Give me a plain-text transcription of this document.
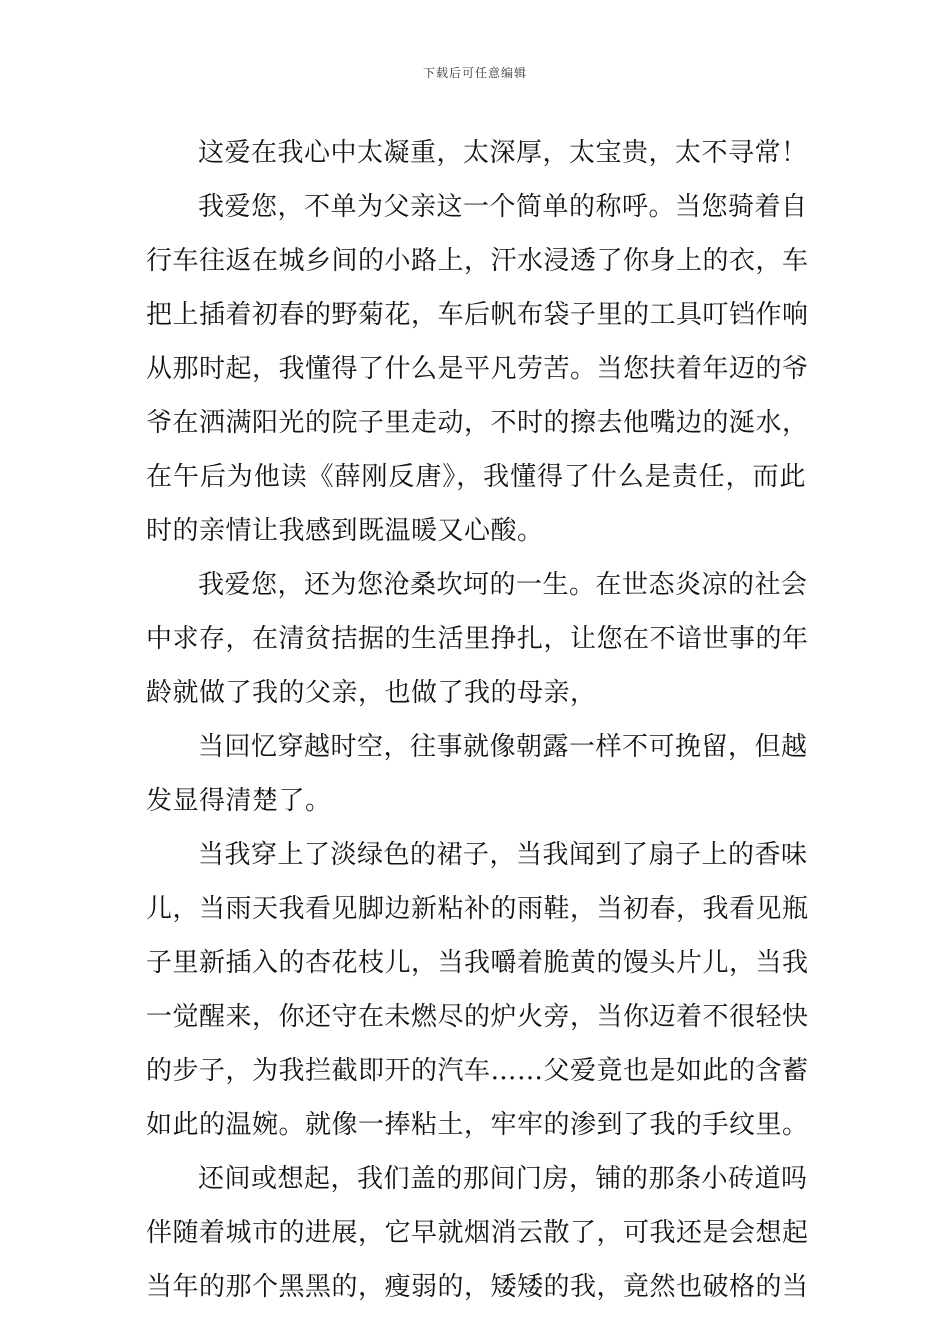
下载后可任意编辑
这爱在我心中太凝重，太深厚，太宝贵，太不寻常！
我爱您，不单为父亲这一个简单的称呼。当您骑着自
行车往返在城乡间的小路上，汗水浸透了你身上的衣，车
把上插着初春的野菊花，车后帆布袋子里的工具叮铛作响
从那时起，我懂得了什么是平凡劳苦。当您扶着年迈的爷
爷在洒满阳光的院子里走动，不时的擦去他嘴边的涎水，
在午后为他读《薛刚反唐》，我懂得了什么是责任，而此
时的亲情让我感到既温暖又心酸。
我爱您，还为您沧桑坎坷的一生。在世态炎凉的社会
中求存，在清贫拮据的生活里挣扎，让您在不谙世事的年
龄就做了我的父亲，也做了我的母亲，
当回忆穿越时空，往事就像朝露一样不可挽留，但越
发显得清楚了。
当我穿上了淡绿色的裙子，当我闻到了扇子上的香味
儿，当雨天我看见脚边新粘补的雨鞋，当初春，我看见瓶
子里新插入的杏花枝儿，当我嚼着脆黄的馒头片儿，当我
一觉醒来，你还守在未燃尽的炉火旁，当你迈着不很轻快
的步子，为我拦截即开的汽车……父爱竟也是如此的含蓄
如此的温婉。就像一捧粘土，牢牢的渗到了我的手纹里。
还间或想起，我们盖的那间门房，铺的那条小砖道吗
伴随着城市的进展，它早就烟消云散了，可我还是会想起
当年的那个黑黑的，瘦弱的，矮矮的我，竟然也破格的当
